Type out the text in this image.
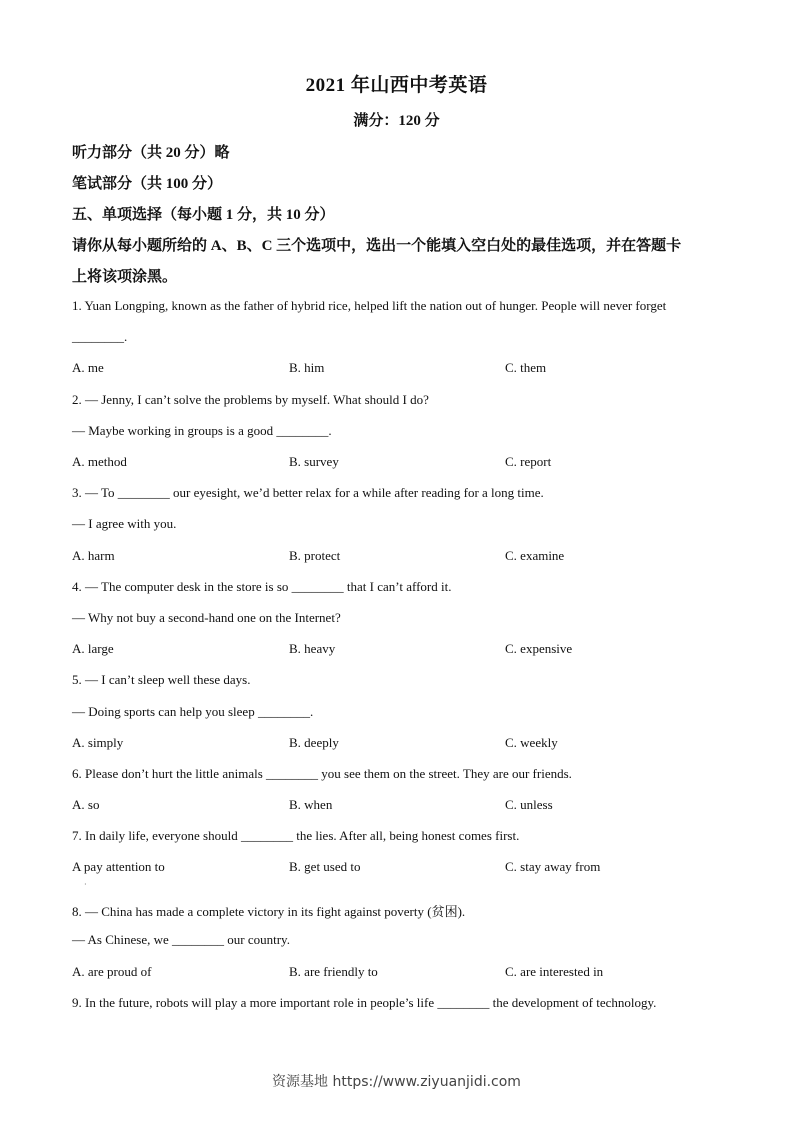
2021 年山西中考英语
满分：120 分
听力部分（共 20 分）略
笔试部分（共 100 分）
五、单项选择（每小题 1 分，共 10 分）
请你从每小题所给的 A、B、C 三个选项中，选出一个能填入空白处的最佳选项，并在答题卡
上将该项涂黑。
1. Yuan Longping, known as the father of hybrid rice, helped lift the nation out of hunger. People will never forget
________.
A. me	B. him	C. them
2. — Jenny, I can’t solve the problems by myself. What should I do?
— Maybe working in groups is a good ________.
A. method	B. survey	C. report
3. — To ________ our eyesight, we’d better relax for a while after reading for a long time.
— I agree with you.
A. harm	B. protect	C. examine
4. — The computer desk in the store is so ________ that I can’t afford it.
— Why not buy a second-hand one on the Internet?
A. large	B. heavy	C. expensive
5. — I can’t sleep well these days.
— Doing sports can help you sleep ________.
A. simply	B. deeply	C. weekly
6. Please don’t hurt the little animals ________ you see them on the street. They are our friends.
A. so	B. when	C. unless
7. In daily life, everyone should ________ the lies. After all, being honest comes first.
A pay attention to	B. get used to	C. stay away from
·
8. — China has made a complete victory in its fight against poverty (贫困).
— As Chinese, we ________ our country.
A. are proud of	B. are friendly to	C. are interested in
9. In the future, robots will play a more important role in people’s life ________ the development of technology.
资源基地 https://www.ziyuanjidi.com
